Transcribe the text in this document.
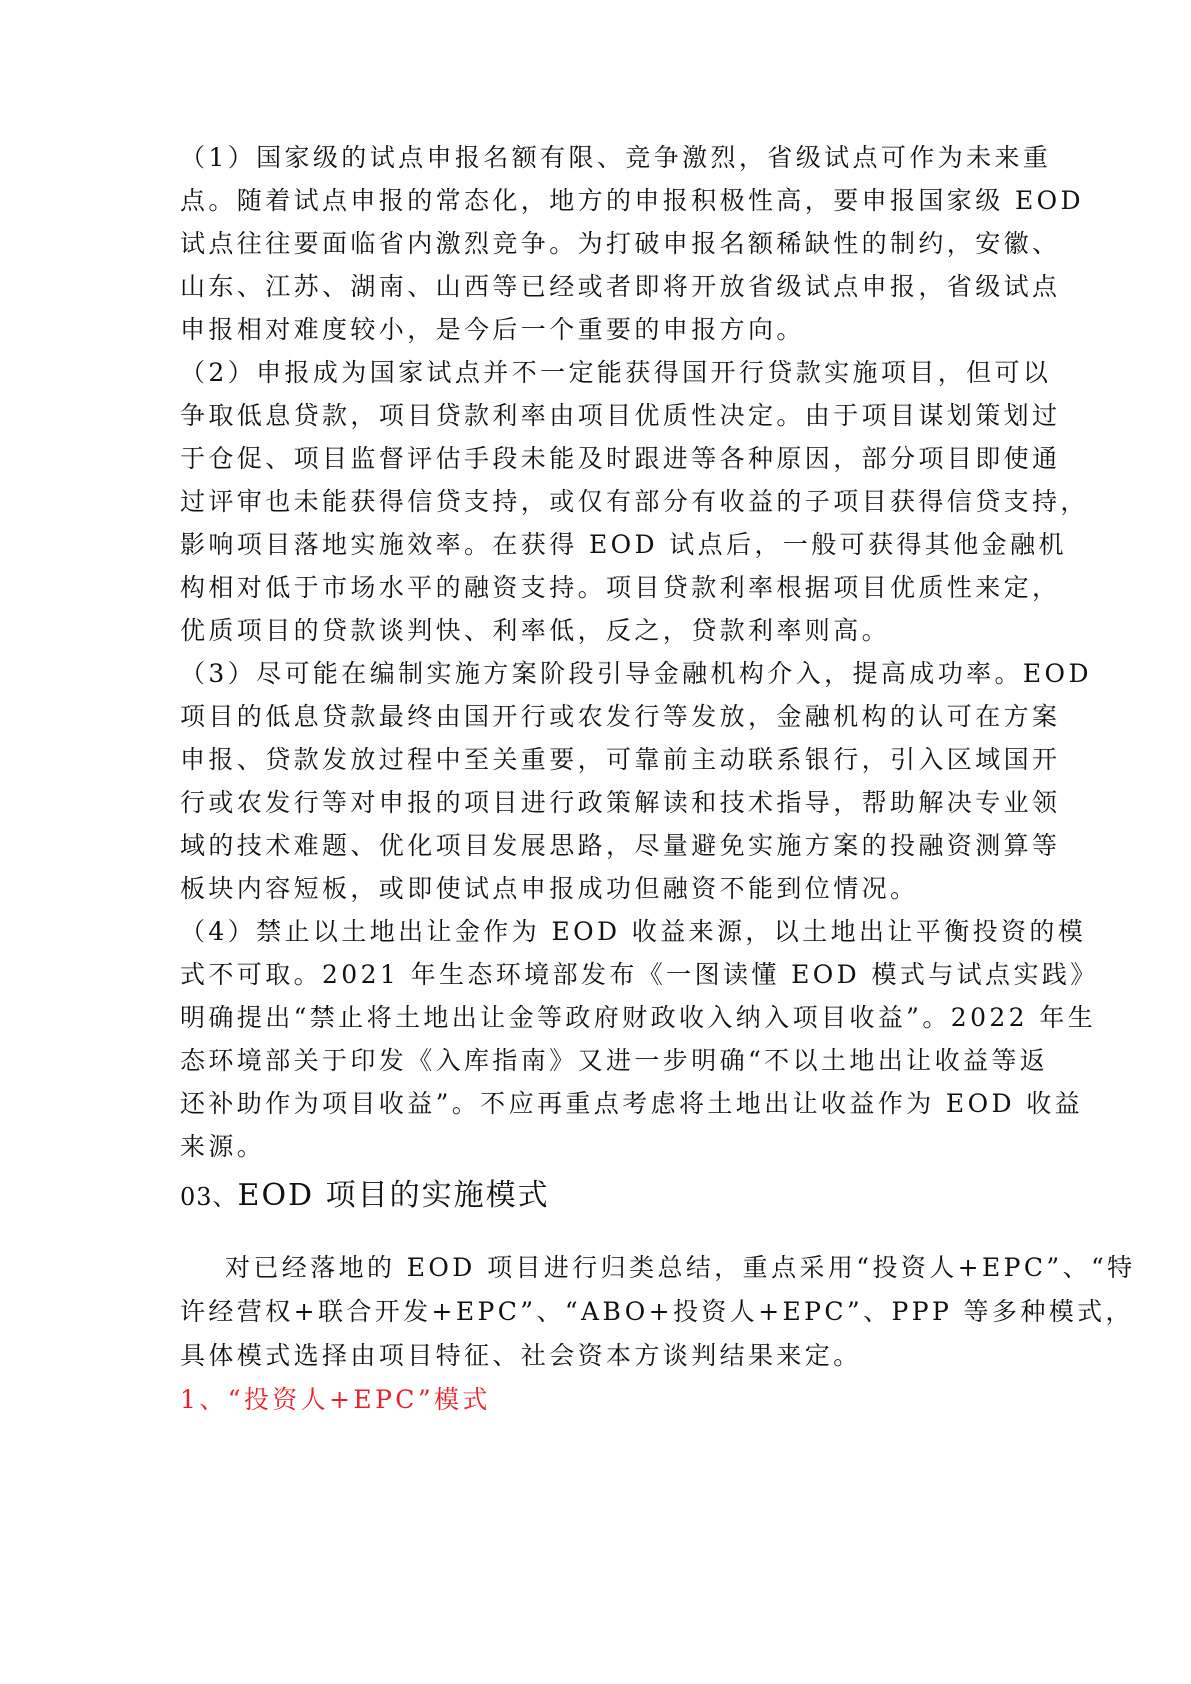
（1）国家级的试点申报名额有限、竞争激烈，省级试点可作为未来重
点。随着试点申报的常态化，地方的申报积极性高，要申报国家级 EOD
试点往往要面临省内激烈竞争。为打破申报名额稀缺性的制约，安徽、
山东、江苏、湖南、山西等已经或者即将开放省级试点申报，省级试点
申报相对难度较小，是今后一个重要的申报方向。
（2）申报成为国家试点并不一定能获得国开行贷款实施项目，但可以
争取低息贷款，项目贷款利率由项目优质性决定。由于项目谋划策划过
于仓促、项目监督评估手段未能及时跟进等各种原因，部分项目即使通
过评审也未能获得信贷支持，或仅有部分有收益的子项目获得信贷支持，
影响项目落地实施效率。在获得 EOD 试点后，一般可获得其他金融机
构相对低于市场水平的融资支持。项目贷款利率根据项目优质性来定，
优质项目的贷款谈判快、利率低，反之，贷款利率则高。
（3）尽可能在编制实施方案阶段引导金融机构介入，提高成功率。EOD
项目的低息贷款最终由国开行或农发行等发放，金融机构的认可在方案
申报、贷款发放过程中至关重要，可靠前主动联系银行，引入区域国开
行或农发行等对申报的项目进行政策解读和技术指导，帮助解决专业领
域的技术难题、优化项目发展思路，尽量避免实施方案的投融资测算等
板块内容短板，或即使试点申报成功但融资不能到位情况。
（4）禁止以土地出让金作为 EOD 收益来源，以土地出让平衡投资的模
式不可取。2021 年生态环境部发布《一图读懂 EOD 模式与试点实践》
明确提出“禁止将土地出让金等政府财政收入纳入项目收益”。2022 年生
态环境部关于印发《入库指南》又进一步明确“不以土地出让收益等返
还补助作为项目收益”。不应再重点考虑将土地出让收益作为 EOD 收益
来源。
03、EOD 项目的实施模式
对已经落地的 EOD 项目进行归类总结，重点采用“投资人+EPC”、“特
许经营权+联合开发+EPC”、“ABO+投资人+EPC”、PPP 等多种模式，
具体模式选择由项目特征、社会资本方谈判结果来定。
1、“投资人+EPC”模式
